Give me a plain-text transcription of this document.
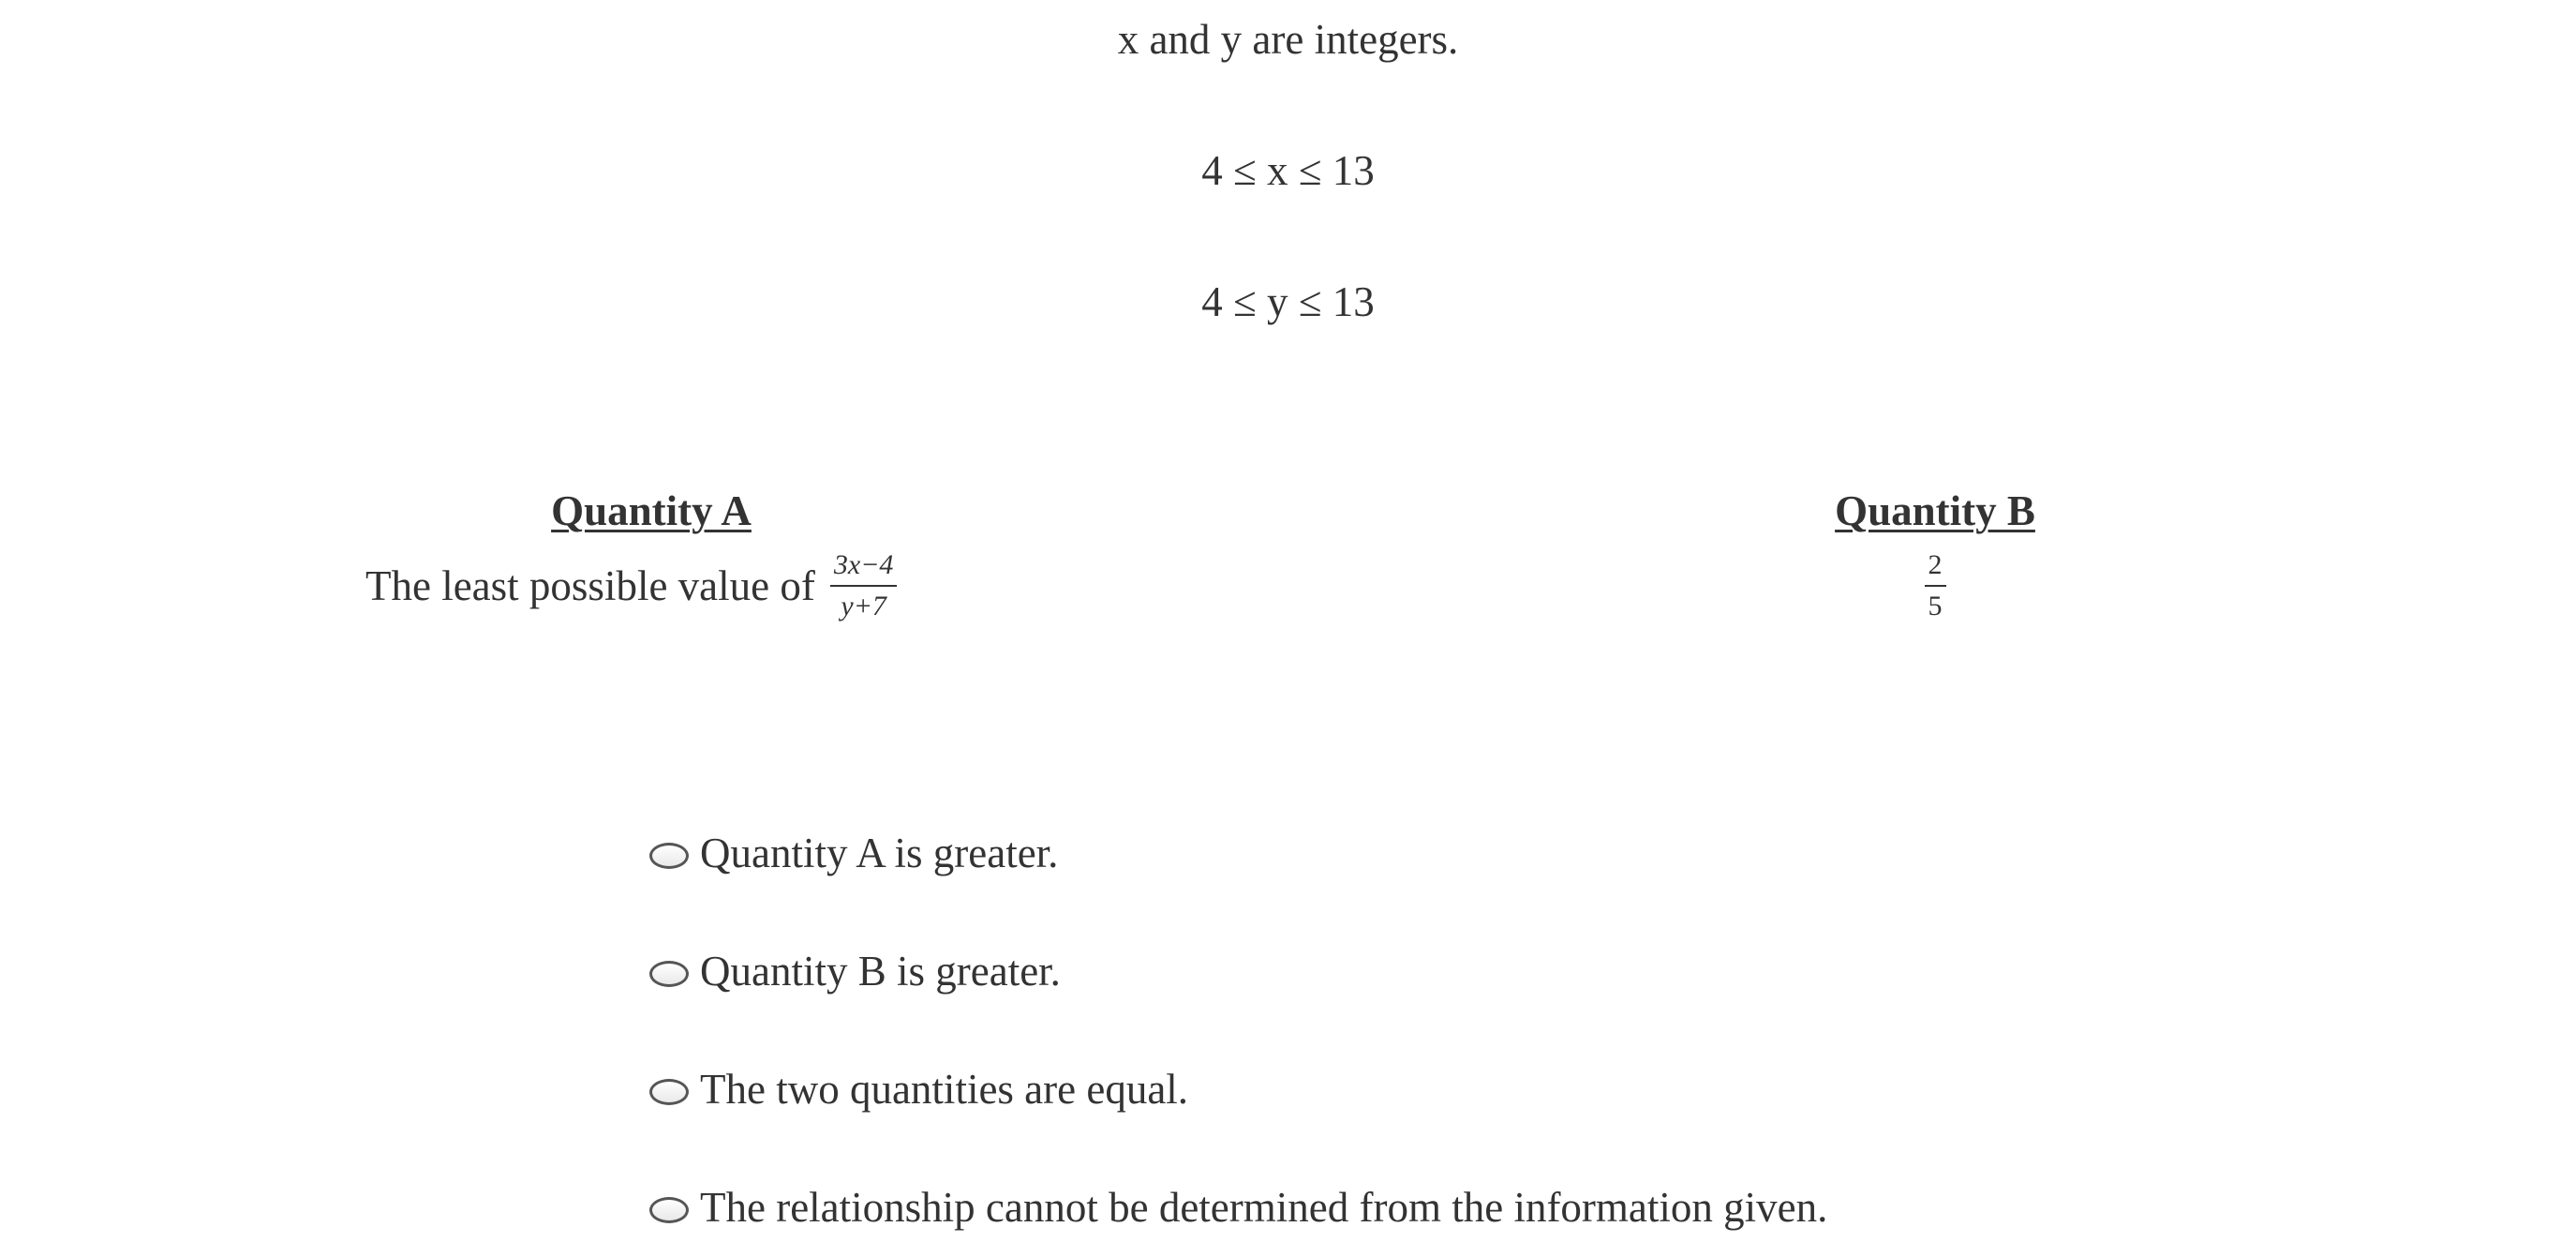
x and y are integers.
4 ≤ x ≤ 13
4 ≤ y ≤ 13
Quantity A
The least possible value of $\frac{3x-4}{y+7}$
Quantity B
$\frac{2}{5}$
Quantity A is greater.
Quantity B is greater.
The two quantities are equal.
The relationship cannot be determined from the information given.
